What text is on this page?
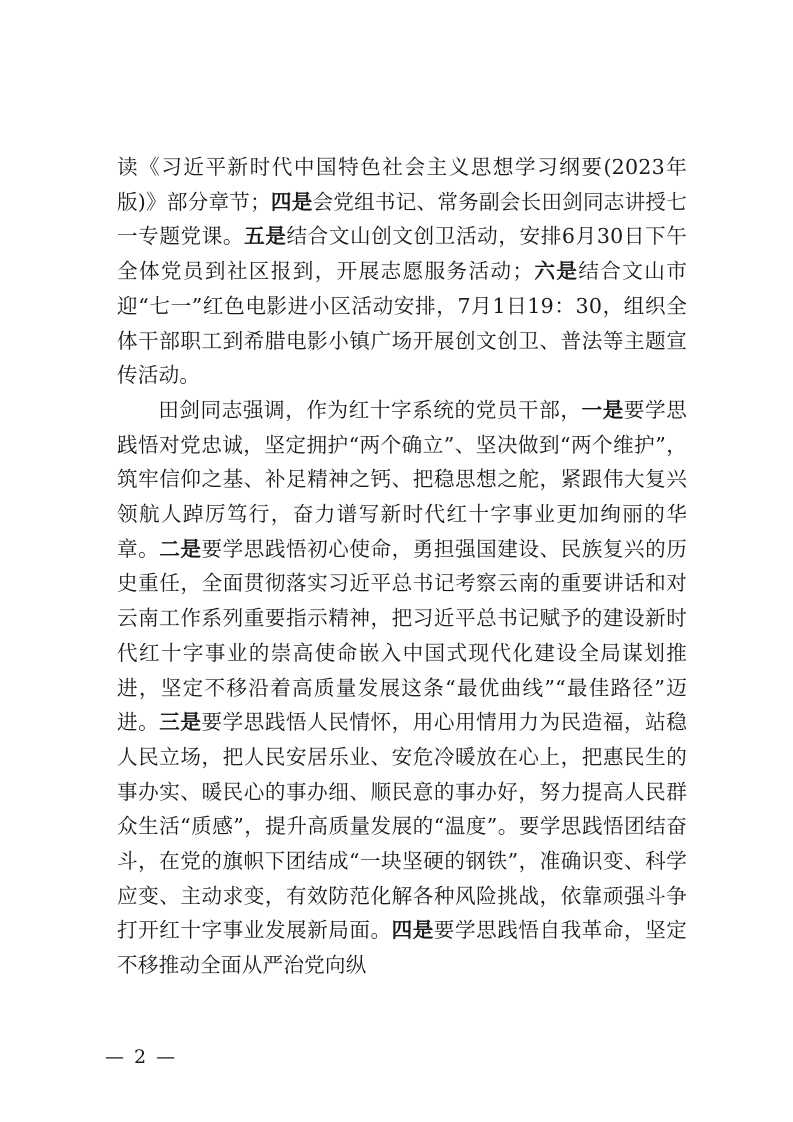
读《习近平新时代中国特色社会主义思想学习纲要(2023年版)》部分章节；四是会党组书记、常务副会长田剑同志讲授七一专题党课。五是结合文山创文创卫活动，安排6月30日下午全体党员到社区报到，开展志愿服务活动；六是结合文山市迎“七一”红色电影进小区活动安排，7月1日19：30，组织全体干部职工到希腊电影小镇广场开展创文创卫、普法等主题宣传活动。

田剑同志强调，作为红十字系统的党员干部，一是要学思践悟对党忠诚，坚定拥护“两个确立”、坚决做到“两个维护”，筑牢信仰之基、补足精神之钙、把稳思想之舵，紧跟伟大复兴领航人踔厉笃行，奋力谱写新时代红十字事业更加绚丽的华章。二是要学思践悟初心使命，勇担强国建设、民族复兴的历史重任，全面贯彻落实习近平总书记考察云南的重要讲话和对云南工作系列重要指示精神，把习近平总书记赋予的建设新时代红十字事业的崇高使命嵌入中国式现代化建设全局谋划推进，坚定不移沿着高质量发展这条“最优曲线”“最佳路径”迈进。三是要学思践悟人民情怀，用心用情用力为民造福，站稳人民立场，把人民安居乐业、安危冷暖放在心上，把惠民生的事办实、暖民心的事办细、顺民意的事办好，努力提高人民群众生活“质感”，提升高质量发展的“温度”。要学思践悟团结奋斗，在党的旗帜下团结成“一块坚硬的钢铁”，准确识变、科学应变、主动求变，有效防范化解各种风险挑战，依靠顽强斗争打开红十字事业发展新局面。四是要学思践悟自我革命，坚定不移推动全面从严治党向纵

— 2 —
